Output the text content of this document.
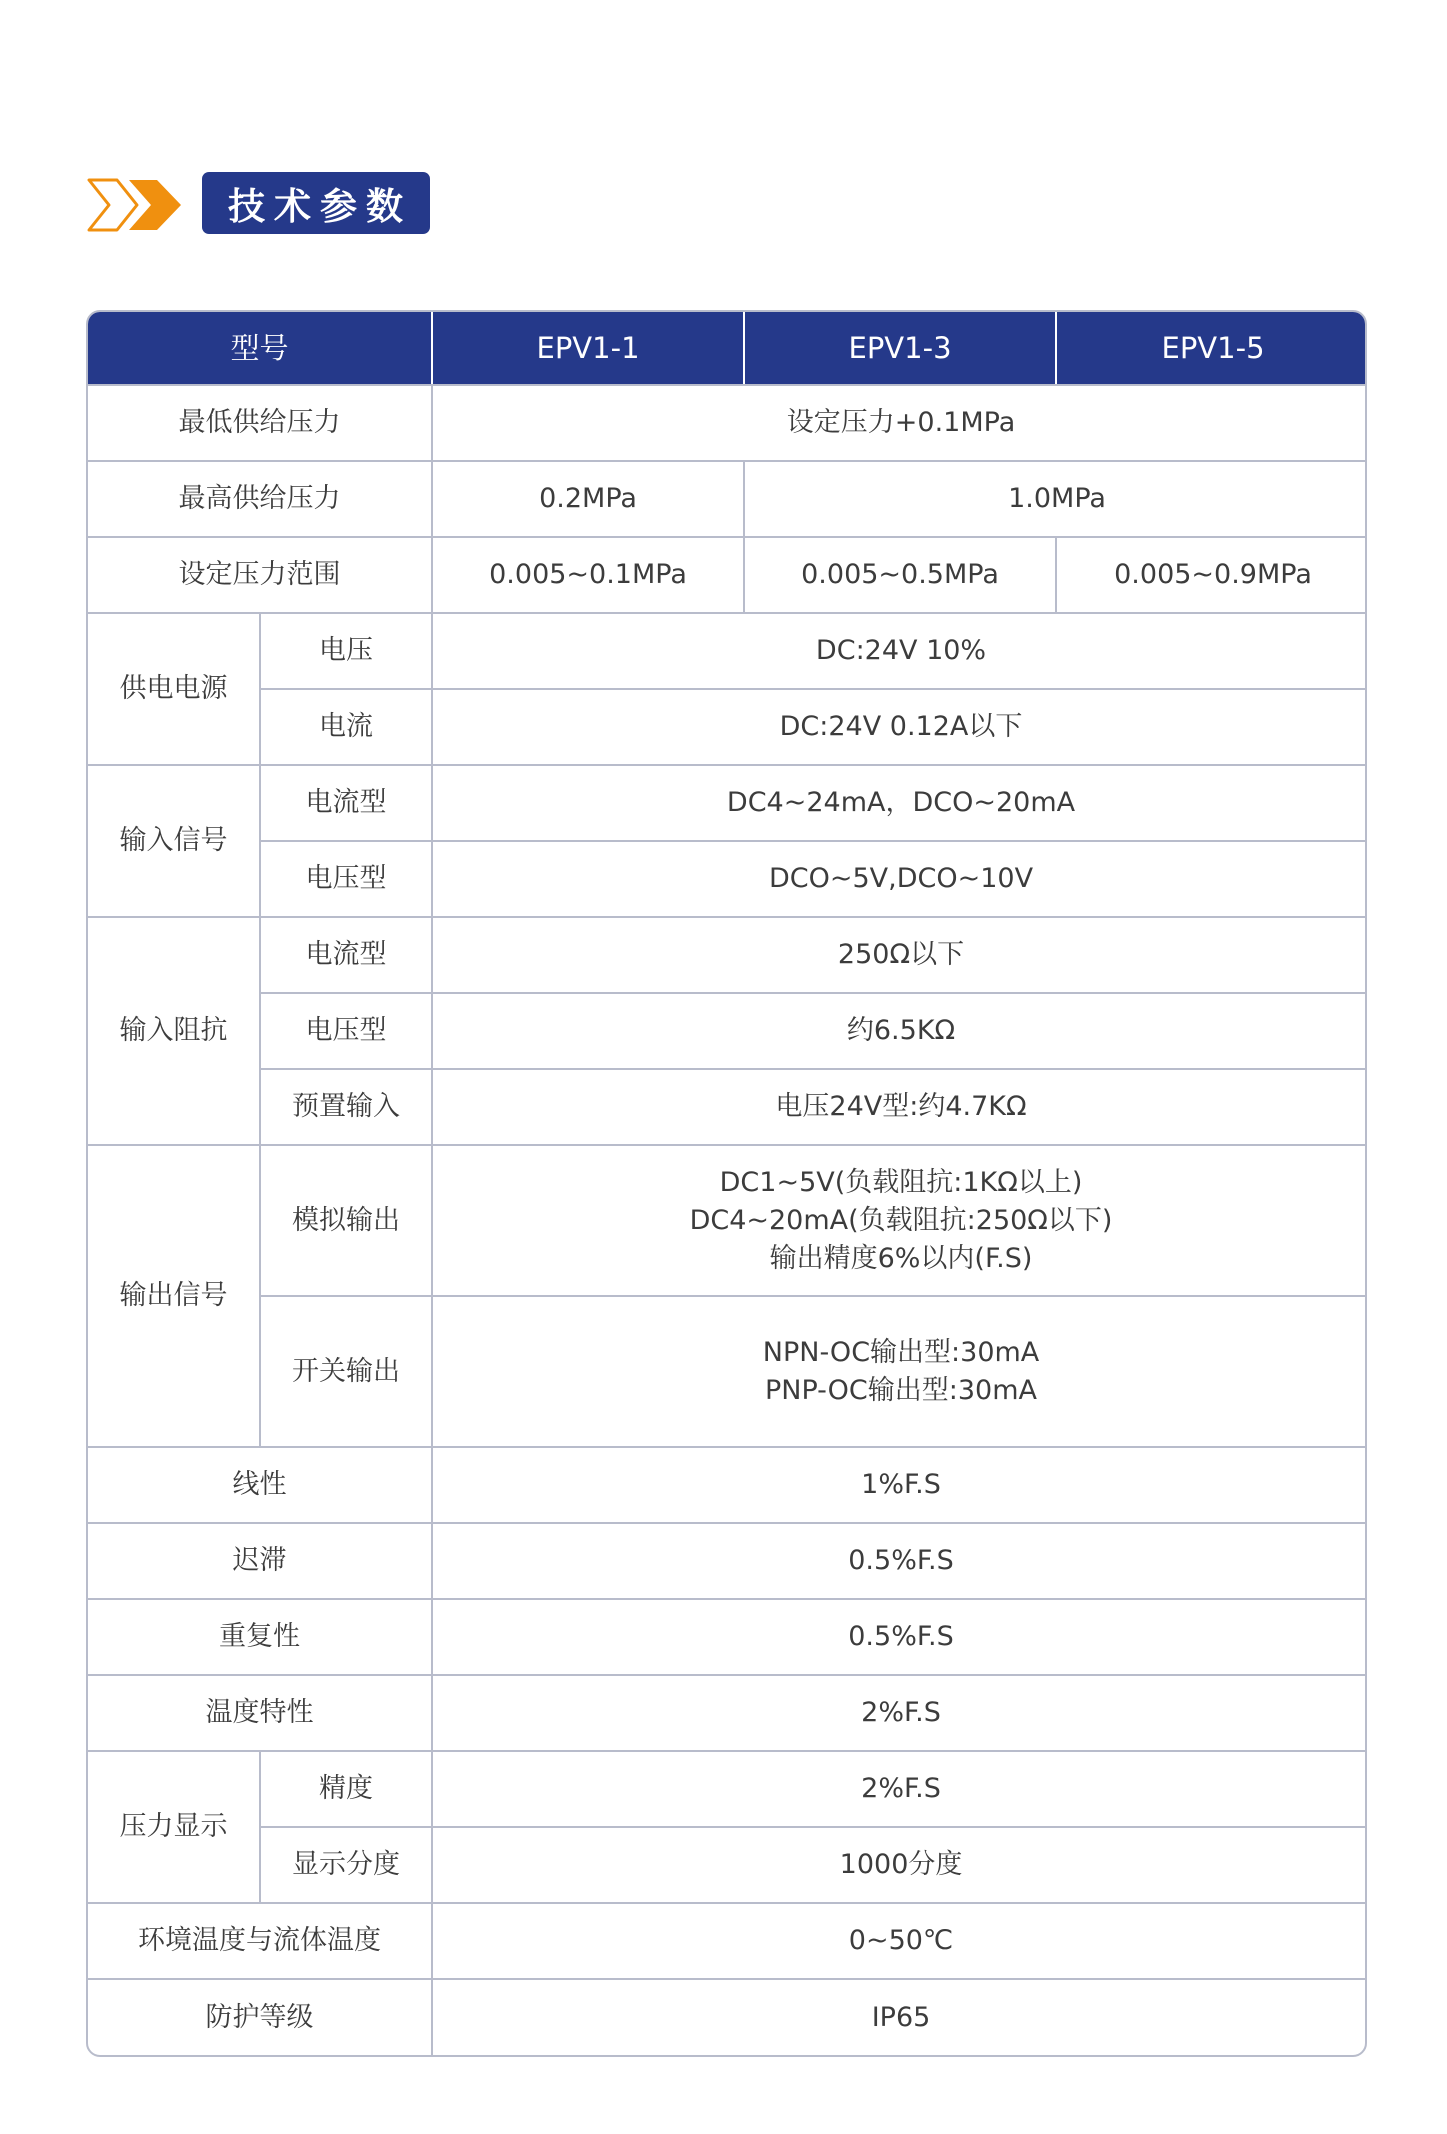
技术参数
型号		EPV1-1	EPV1-3	EPV1-5
最低供给压力		设定压力+0.1MPa		
最高供给压力		0.2MPa	1.0MPa	
设定压力范围		0.005~0.1MPa	0.005~0.5MPa	0.005~0.9MPa
供电电源	电压	DC:24V 10%		
	电流	DC:24V 0.12A以下		
输入信号	电流型	DC4~24mA，DCO~20mA		
	电压型	DCO~5V,DCO~10V		
输入阻抗	电流型	250Ω以下		
	电压型	约6.5KΩ		
	预置输入	电压24V型:约4.7KΩ		
输出信号	模拟输出	DC1~5V(负载阻抗:1KΩ以上)
DC4~20mA(负载阻抗:250Ω以下)
输出精度6%以内(F.S)		

	开关输出	NPN-OC输出型:30mA
PNP-OC输出型:30mA		

线性		1%F.S		
迟滞		0.5%F.S		
重复性		0.5%F.S		
温度特性		2%F.S		
压力显示	精度	2%F.S		
	显示分度	1000分度		
环境温度与流体温度		0~50℃		
防护等级		IP65		
